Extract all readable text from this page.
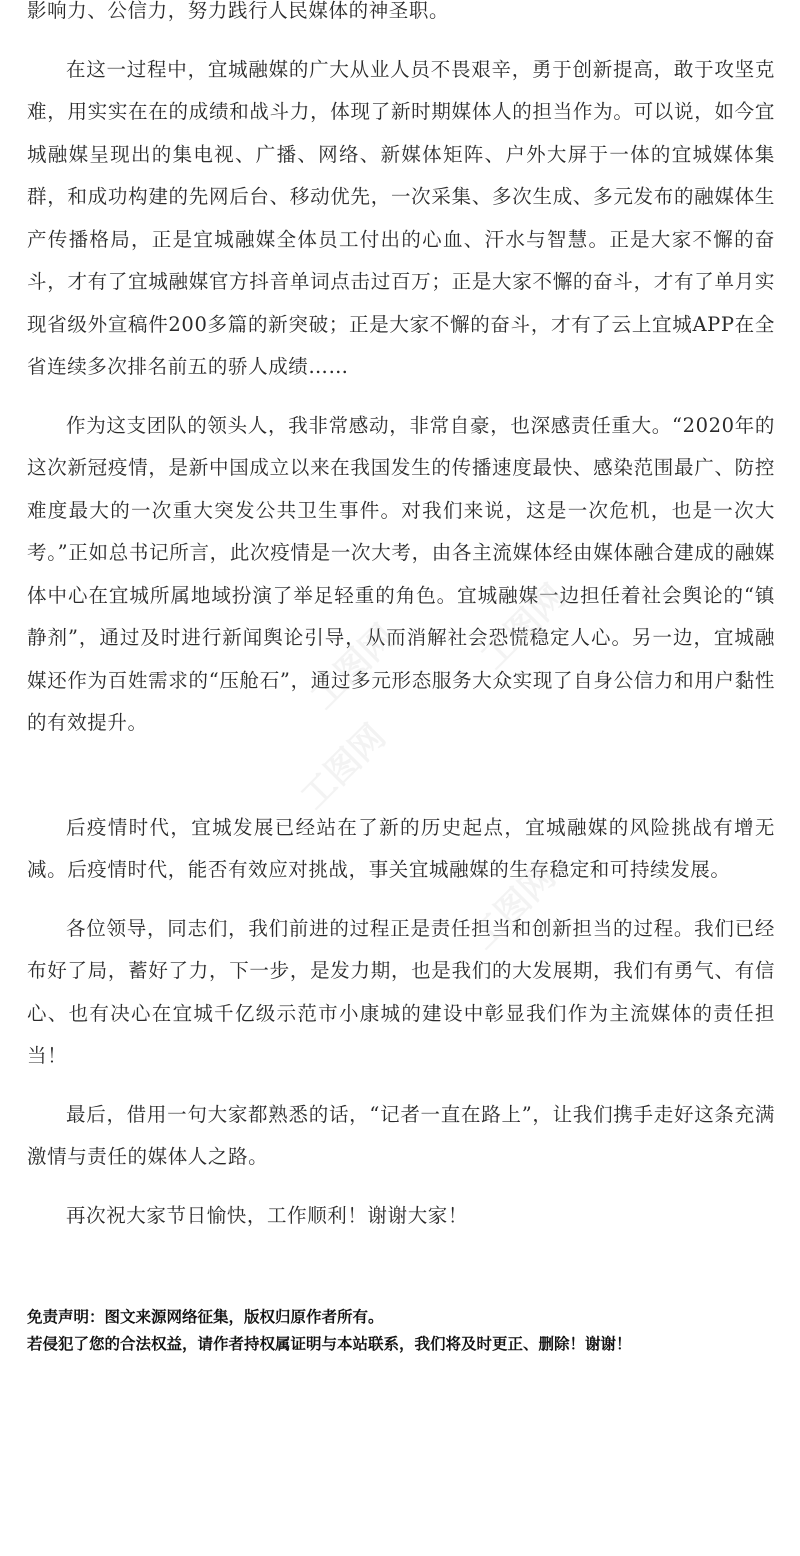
影响力、公信力，努力践行人民媒体的神圣职。

在这一过程中，宜城融媒的广大从业人员不畏艰辛，勇于创新提高，敢于攻坚克难，用实实在在的成绩和战斗力，体现了新时期媒体人的担当作为。可以说，如今宜城融媒呈现出的集电视、广播、网络、新媒体矩阵、户外大屏于一体的宜城媒体集群，和成功构建的先网后台、移动优先，一次采集、多次生成、多元发布的融媒体生产传播格局，正是宜城融媒全体员工付出的心血、汗水与智慧。正是大家不懈的奋斗，才有了宜城融媒官方抖音单词点击过百万；正是大家不懈的奋斗，才有了单月实现省级外宣稿件200多篇的新突破；正是大家不懈的奋斗，才有了云上宜城APP在全省连续多次排名前五的骄人成绩……

作为这支团队的领头人，我非常感动，非常自豪，也深感责任重大。“2020年的这次新冠疫情，是新中国成立以来在我国发生的传播速度最快、感染范围最广、防控难度最大的一次重大突发公共卫生事件。对我们来说，这是一次危机，也是一次大考。”正如总书记所言，此次疫情是一次大考，由各主流媒体经由媒体融合建成的融媒体中心在宜城所属地域扮演了举足轻重的角色。宜城融媒一边担任着社会舆论的“镇静剂”，通过及时进行新闻舆论引导，从而消解社会恐慌稳定人心。另一边，宜城融媒还作为百姓需求的“压舱石”，通过多元形态服务大众实现了自身公信力和用户黏性的有效提升。

后疫情时代，宜城发展已经站在了新的历史起点，宜城融媒的风险挑战有增无减。后疫情时代，能否有效应对挑战，事关宜城融媒的生存稳定和可持续发展。

各位领导，同志们，我们前进的过程正是责任担当和创新担当的过程。我们已经布好了局，蓄好了力，下一步，是发力期，也是我们的大发展期，我们有勇气、有信心、也有决心在宜城千亿级示范市小康城的建设中彰显我们作为主流媒体的责任担当！

最后，借用一句大家都熟悉的话，“记者一直在路上”，让我们携手走好这条充满激情与责任的媒体人之路。

再次祝大家节日愉快，工作顺利！谢谢大家！

免责声明：图文来源网络征集，版权归原作者所有。
若侵犯了您的合法权益，请作者持权属证明与本站联系，我们将及时更正、删除！谢谢！
工图网 工图网
工图网
工图网
